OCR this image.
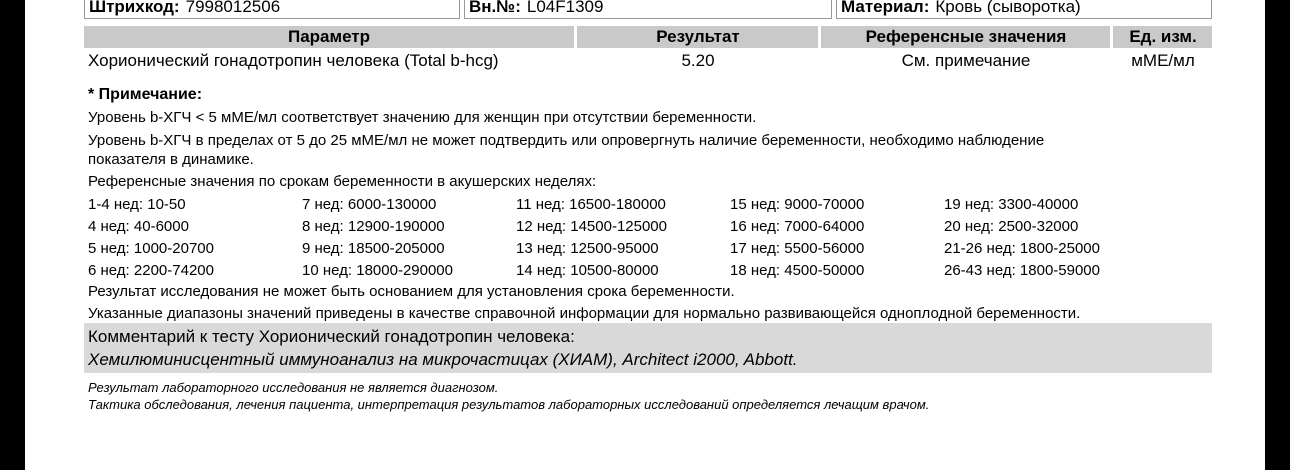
Штрихкод: 7998012506	Вн.№: L04F1309	Материал: Кровь (сыворотка)
Параметр	Результат	Референсные значения	Ед. изм.
Хорионический гонадотропин человека (Total b-hcg)	5.20	См. примечание	мМЕ/мл
* Примечание:
Уровень b-ХГЧ < 5 мМЕ/мл соответствует значению для женщин при отсутствии беременности.
Уровень b-ХГЧ в пределах от 5 до 25 мМЕ/мл не может подтвердить или опровергнуть наличие беременности, необходимо наблюдение
показателя в динамике.
Референсные значения по срокам беременности в акушерских неделях:
1-4 нед: 10-50	7 нед: 6000-130000	11 нед: 16500-180000	15 нед: 9000-70000	19 нед: 3300-40000
4 нед: 40-6000	8 нед: 12900-190000	12 нед: 14500-125000	16 нед: 7000-64000	20 нед: 2500-32000
5 нед: 1000-20700	9 нед: 18500-205000	13 нед: 12500-95000	17 нед: 5500-56000	21-26 нед: 1800-25000
6 нед: 2200-74200	10 нед: 18000-290000	14 нед: 10500-80000	18 нед: 4500-50000	26-43 нед: 1800-59000
Результат исследования не может быть основанием для установления срока беременности.
Указанные диапазоны значений приведены в качестве справочной информации для нормально развивающейся одноплодной беременности.
Комментарий к тесту Хорионический гонадотропин человека:
Хемилюминисцентный иммуноанализ на микрочастицах (ХИАМ), Architect i2000, Abbott.
Результат лабораторного исследования не является диагнозом.
Тактика обследования, лечения пациента, интерпретация результатов лабораторных исследований определяется лечащим врачом.
